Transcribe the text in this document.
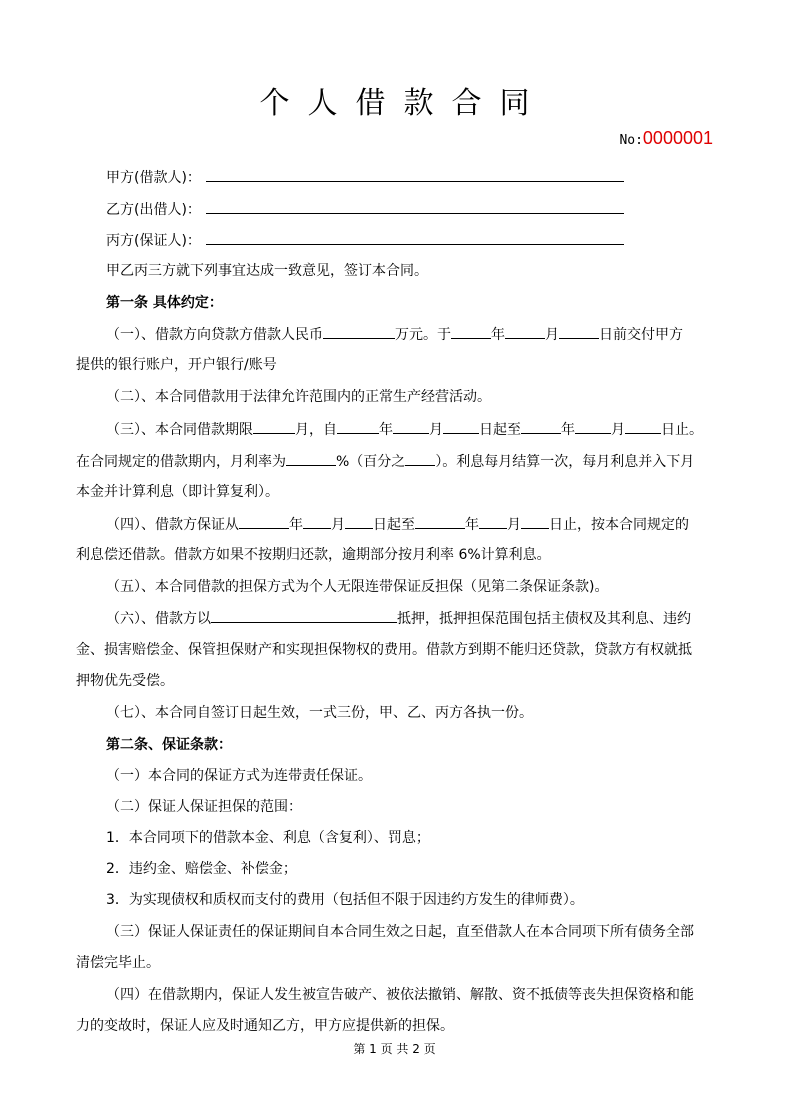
个人借款合同
No:0000001
甲方(借款人)：
乙方(出借人)：
丙方(保证人)：
甲乙丙三方就下列事宜达成一致意见，签订本合同。
第一条 具体约定：
（一）、借款方向贷款方借款人民币	万元。于	年	月	日前交付甲方
提供的银行账户，开户银行/账号
（二）、本合同借款用于法律允许范围内的正常生产经营活动。
（三）、本合同借款期限	月，自	年	月	日起至	年	月	日止。
在合同规定的借款期内，月利率为	%（百分之 ）。利息每月结算一次，每月利息并入下月
本金并计算利息（即计算复利）。
（四）、借款方保证从	年 月 日起至	年 月 日止，按本合同规定的
利息偿还借款。借款方如果不按期归还款，逾期部分按月利率 6%计算利息。
（五）、本合同借款的担保方式为个人无限连带保证反担保（见第二条保证条款)。
（六）、借款方以	抵押，抵押担保范围包括主债权及其利息、违约
金、损害赔偿金、保管担保财产和实现担保物权的费用。借款方到期不能归还贷款，贷款方有权就抵
押物优先受偿。
（七）、本合同自签订日起生效，一式三份，甲、乙、丙方各执一份。
第二条、保证条款：
（一）本合同的保证方式为连带责任保证。
（二）保证人保证担保的范围：
1．本合同项下的借款本金、利息（含复利）、罚息；
2．违约金、赔偿金、补偿金；
3．为实现债权和质权而支付的费用（包括但不限于因违约方发生的律师费）。
（三）保证人保证责任的保证期间自本合同生效之日起，直至借款人在本合同项下所有债务全部
清偿完毕止。
（四）在借款期内，保证人发生被宣告破产、被依法撤销、解散、资不抵债等丧失担保资格和能
力的变故时，保证人应及时通知乙方，甲方应提供新的担保。
第 1 页 共 2 页
